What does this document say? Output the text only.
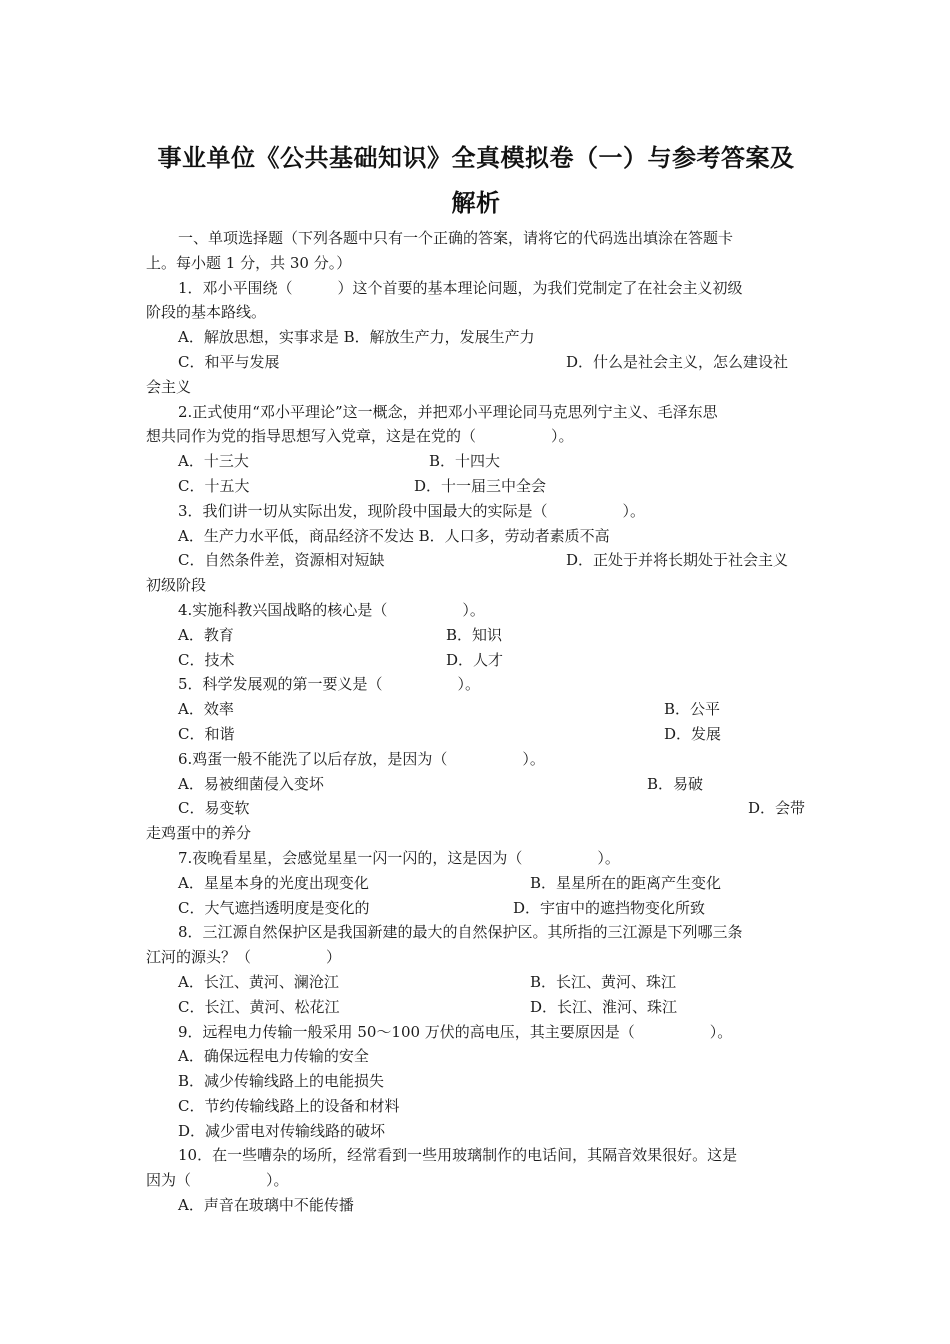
事业单位《公共基础知识》全真模拟卷（一）与参考答案及
解析
一、单项选择题（下列各题中只有一个正确的答案，请将它的代码选出填涂在答题卡
上。每小题 1 分，共 30 分。）
1．邓小平围绕（　　　）这个首要的基本理论问题，为我们党制定了在社会主义初级
阶段的基本路线。
A．解放思想，实事求是 B．解放生产力，发展生产力
C．和平与发展	D．什么是社会主义，怎么建设社
会主义
2.正式使用“邓小平理论”这一概念，并把邓小平理论同马克思列宁主义、毛泽东思
想共同作为党的指导思想写入党章，这是在党的（　　　　　）。
A．十三大	B．十四大
C．十五大	D．十一届三中全会
3．我们讲一切从实际出发，现阶段中国最大的实际是（　　　　　）。
A．生产力水平低，商品经济不发达 B．人口多，劳动者素质不高
C．自然条件差，资源相对短缺	D．正处于并将长期处于社会主义
初级阶段
4.实施科教兴国战略的核心是（　　　　　）。
A．教育	B．知识
C．技术	D．人才
5．科学发展观的第一要义是（　　　　　）。
A．效率	B．公平
C．和谐	D．发展
6.鸡蛋一般不能洗了以后存放，是因为（　　　　　）。
A．易被细菌侵入变坏	B．易破
C．易变软	D．会带
走鸡蛋中的养分
7.夜晚看星星，会感觉星星一闪一闪的，这是因为（　　　　　）。
A．星星本身的光度出现变化	B．星星所在的距离产生变化
C．大气遮挡透明度是变化的	D．宇宙中的遮挡物变化所致
8．三江源自然保护区是我国新建的最大的自然保护区。其所指的三江源是下列哪三条
江河的源头？（　　　　　）
A．长江、黄河、澜沧江	B．长江、黄河、珠江
C．长江、黄河、松花江	D．长江、淮河、珠江
9．远程电力传输一般采用 50～100 万伏的高电压，其主要原因是（　　　　　）。
A．确保远程电力传输的安全
B．减少传输线路上的电能损失
C．节约传输线路上的设备和材料
D．减少雷电对传输线路的破坏
10．在一些嘈杂的场所，经常看到一些用玻璃制作的电话间，其隔音效果很好。这是
因为（　　　　　）。
A．声音在玻璃中不能传播
